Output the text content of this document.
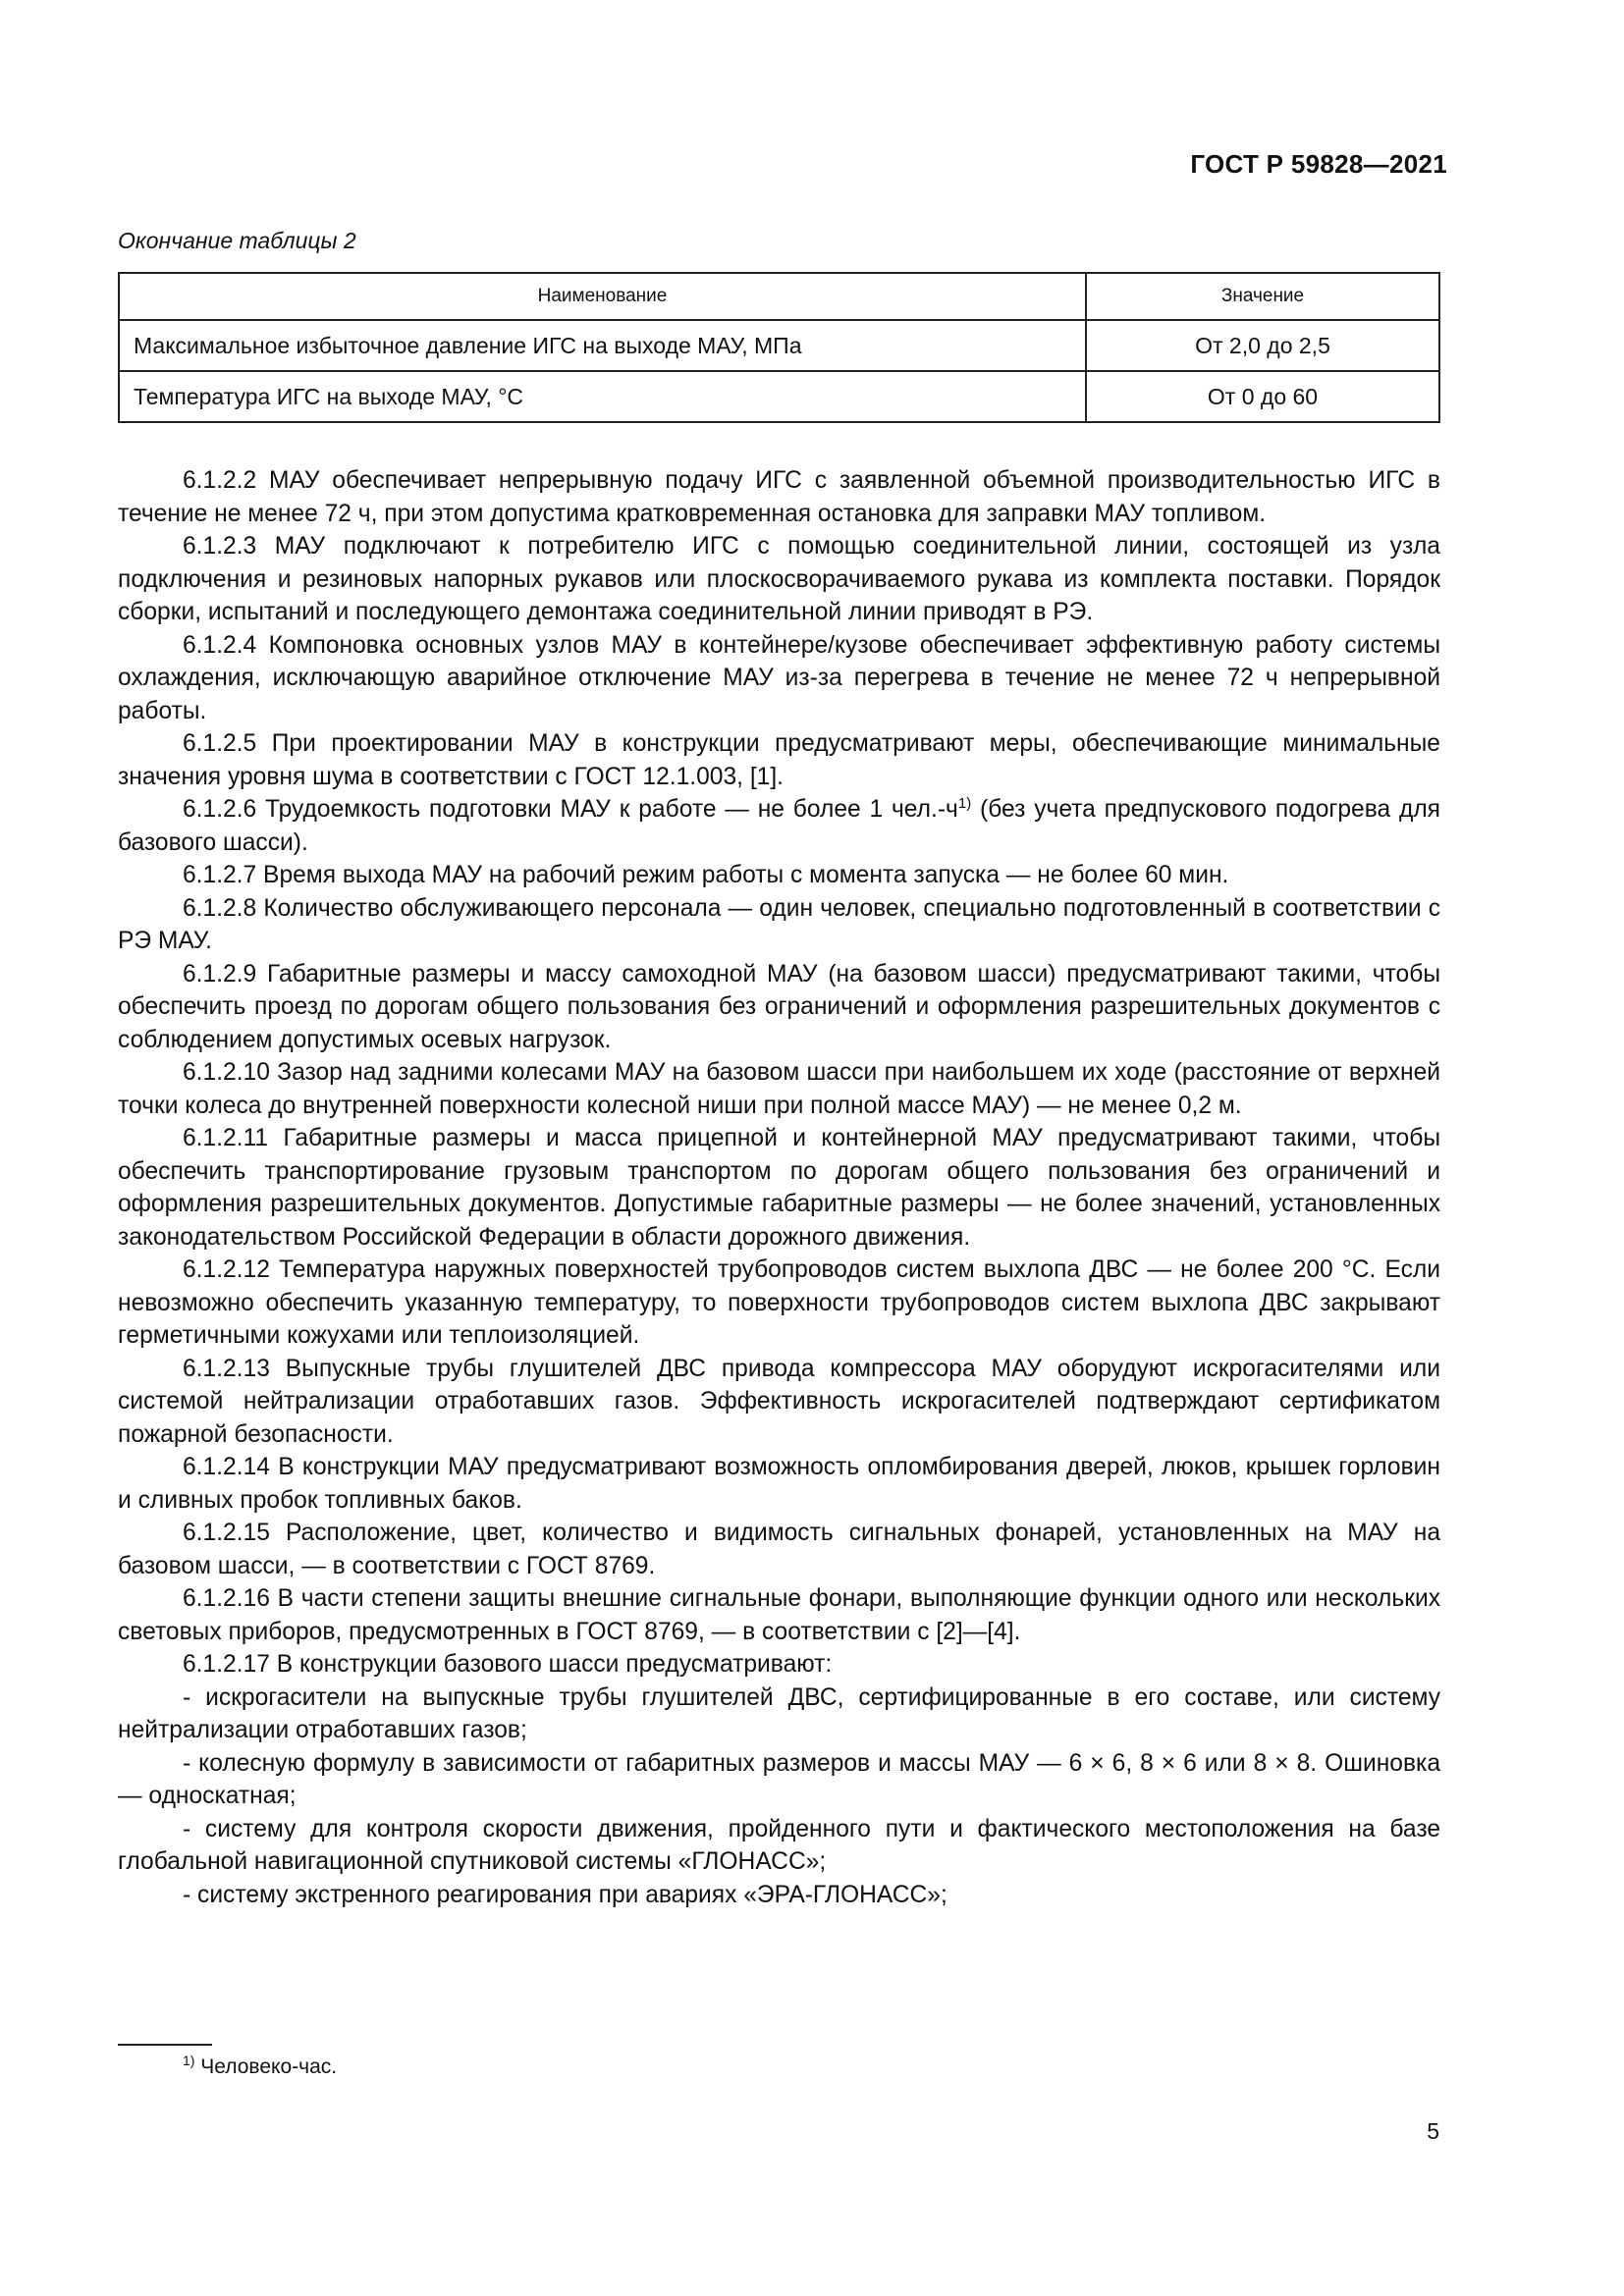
ГОСТ Р 59828—2021
Окончание таблицы 2
Наименование	Значение
Максимальное избыточное давление ИГС на выходе МАУ, МПа	От 2,0 до 2,5
Температура ИГС на выходе МАУ, °С	От 0 до 60

6.1.2.2 МАУ обеспечивает непрерывную подачу ИГС с заявленной объемной производительностью ИГС в течение не менее 72 ч, при этом допустима кратковременная остановка для заправки МАУ топливом.

6.1.2.3 МАУ подключают к потребителю ИГС с помощью соединительной линии, состоящей из узла подключения и резиновых напорных рукавов или плоскосворачиваемого рукава из комплекта поставки. Порядок сборки, испытаний и последующего демонтажа соединительной линии приводят в РЭ.

6.1.2.4 Компоновка основных узлов МАУ в контейнере/кузове обеспечивает эффективную работу системы охлаждения, исключающую аварийное отключение МАУ из-за перегрева в течение не менее 72 ч непрерывной работы.

6.1.2.5 При проектировании МАУ в конструкции предусматривают меры, обеспечивающие минимальные значения уровня шума в соответствии с ГОСТ 12.1.003, [1].

6.1.2.6 Трудоемкость подготовки МАУ к работе — не более 1 $чел.-ч^{1)}$ (без учета предпускового подогрева для базового шасси).

6.1.2.7 Время выхода МАУ на рабочий режим работы с момента запуска — не более 60 мин.

6.1.2.8 Количество обслуживающего персонала — один человек, специально подготовленный в соответствии с РЭ МАУ.

6.1.2.9 Габаритные размеры и массу самоходной МАУ (на базовом шасси) предусматривают такими, чтобы обеспечить проезд по дорогам общего пользования без ограничений и оформления разрешительных документов с соблюдением допустимых осевых нагрузок.

6.1.2.10 Зазор над задними колесами МАУ на базовом шасси при наибольшем их ходе (расстояние от верхней точки колеса до внутренней поверхности колесной ниши при полной массе МАУ) — не менее 0,2 м.

6.1.2.11 Габаритные размеры и масса прицепной и контейнерной МАУ предусматривают такими, чтобы обеспечить транспортирование грузовым транспортом по дорогам общего пользования без ограничений и оформления разрешительных документов. Допустимые габаритные размеры — не более значений, установленных законодательством Российской Федерации в области дорожного движения.

6.1.2.12 Температура наружных поверхностей трубопроводов систем выхлопа ДВС — не более 200 °С. Если невозможно обеспечить указанную температуру, то поверхности трубопроводов систем выхлопа ДВС закрывают герметичными кожухами или теплоизоляцией.

6.1.2.13 Выпускные трубы глушителей ДВС привода компрессора МАУ оборудуют искрогасителями или системой нейтрализации отработавших газов. Эффективность искрогасителей подтверждают сертификатом пожарной безопасности.

6.1.2.14 В конструкции МАУ предусматривают возможность опломбирования дверей, люков, крышек горловин и сливных пробок топливных баков.

6.1.2.15 Расположение, цвет, количество и видимость сигнальных фонарей, установленных на МАУ на базовом шасси, — в соответствии с ГОСТ 8769.

6.1.2.16 В части степени защиты внешние сигнальные фонари, выполняющие функции одного или нескольких световых приборов, предусмотренных в ГОСТ 8769, — в соответствии с [2]—[4].

6.1.2.17 В конструкции базового шасси предусматривают:

- искрогасители на выпускные трубы глушителей ДВС, сертифицированные в его составе, или систему нейтрализации отработавших газов;

- колесную формулу в зависимости от габаритных размеров и массы МАУ — 6 × 6, 8 × 6 или 8 × 8. Ошиновка — односкатная;

- систему для контроля скорости движения, пройденного пути и фактического местоположения на базе глобальной навигационной спутниковой системы «ГЛОНАСС»;

- систему экстренного реагирования при авариях «ЭРА-ГЛОНАСС»;

$^{1)}$ Человеко-час.
5
